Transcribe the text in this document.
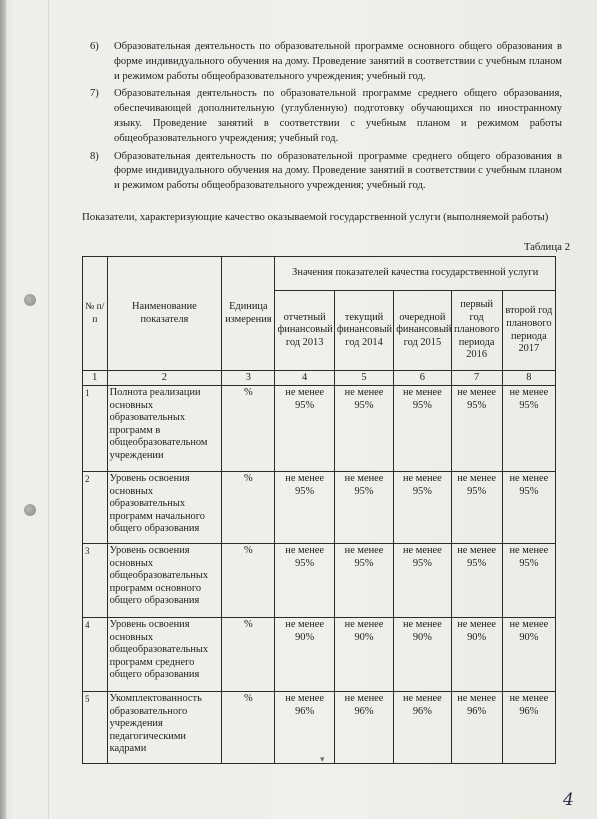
6) Образовательная деятельность по образовательной программе основного общего образования в форме индивидуального обучения на дому. Проведение занятий в соответствии с учебным планом и режимом работы общеобразовательного учреждения; учебный год.
7) Образовательная деятельность по образовательной программе среднего общего образования, обеспечивающей дополнительную (углубленную) подготовку обучающихся по иностранному языку. Проведение занятий в соответствии с учебным планом и режимом работы общеобразовательного учреждения; учебный год.
8) Образовательная деятельность по образовательной программе среднего общего образования в форме индивидуального обучения на дому. Проведение занятий в соответствии с учебным планом и режимом работы общеобразовательного учреждения; учебный год.
Показатели, характеризующие качество оказываемой государственной услуги (выполняемой работы)
Таблица 2
№ п/п	Наименование показателя	Единица измерения	Значения показателей качества государственной услуги				
			отчетный финансовый год 2013	текущий финансовый год 2014	очередной финансовый год 2015	первый год планового периода 2016	второй год планового периода 2017
1	2	3	4	5	6	7	8
1	Полнота реализации основных образовательных программ в общеобразовательном учреждении	%	не менее 95%	не менее 95%	не менее 95%	не менее 95%	не менее 95%
2	Уровень освоения основных образовательных программ начального общего образования	%	не менее 95%	не менее 95%	не менее 95%	не менее 95%	не менее 95%
3	Уровень освоения основных общеобразовательных программ основного общего образования	%	не менее 95%	не менее 95%	не менее 95%	не менее 95%	не менее 95%
4	Уровень освоения основных общеобразовательных программ среднего общего образования	%	не менее 90%	не менее 90%	не менее 90%	не менее 90%	не менее 90%
5	Укомплектованность образовательного учреждения педагогическими кадрами	%	не менее 96%	не менее 96%	не менее 96%	не менее 96%	не менее 96%
▾
4
